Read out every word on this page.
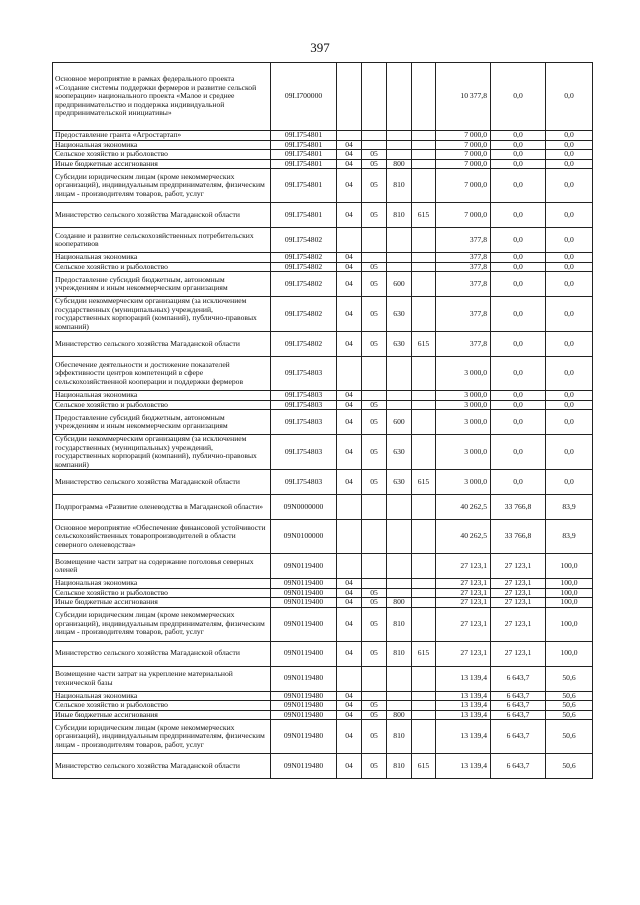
397
Основное мероприятие в рамках федерального проекта «Создание системы поддержки фермеров и развитие сельской кооперации» национального проекта «Малое и среднее предпринимательство и поддержка индивидуальной предпринимательской инициативы»	09I.I700000					10 377,8	0,0	0,0
Предоставление гранта «Агростартап»	09I.I754801					7 000,0	0,0	0,0
Национальная экономика	09I.I754801	04				7 000,0	0,0	0,0
Сельское хозяйство и рыболовство	09I.I754801	04	05			7 000,0	0,0	0,0
Иные бюджетные ассигнования	09I.I754801	04	05	800		7 000,0	0,0	0,0
Субсидии юридическим лицам (кроме некоммерческих организаций), индивидуальным предпринимателям, физическим лицам - производителям товаров, работ, услуг	09I.I754801	04	05	810		7 000,0	0,0	0,0
Министерство сельского хозяйства Магаданской области	09I.I754801	04	05	810	615	7 000,0	0,0	0,0
Создание и развитие сельскохозяйственных потребительских кооперативов	09I.I754802					377,8	0,0	0,0
Национальная экономика	09I.I754802	04				377,8	0,0	0,0
Сельское хозяйство и рыболовство	09I.I754802	04	05			377,8	0,0	0,0
Предоставление субсидий бюджетным, автономным учреждениям и иным некоммерческим организациям	09I.I754802	04	05	600		377,8	0,0	0,0
Субсидии некоммерческим организациям (за исключением государственных (муниципальных) учреждений, государственных корпораций (компаний), публично-правовых компаний)	09I.I754802	04	05	630		377,8	0,0	0,0
Министерство сельского хозяйства Магаданской области	09I.I754802	04	05	630	615	377,8	0,0	0,0
Обеспечение деятельности и достижение показателей эффективности центров компетенций в сфере сельскохозяйственной кооперации и поддержки фермеров	09I.I754803					3 000,0	0,0	0,0
Национальная экономика	09I.I754803	04				3 000,0	0,0	0,0
Сельское хозяйство и рыболовство	09I.I754803	04	05			3 000,0	0,0	0,0
Предоставление субсидий бюджетным, автономным учреждениям и иным некоммерческим организациям	09I.I754803	04	05	600		3 000,0	0,0	0,0
Субсидии некоммерческим организациям (за исключением государственных (муниципальных) учреждений, государственных корпораций (компаний), публично-правовых компаний)	09I.I754803	04	05	630		3 000,0	0,0	0,0
Министерство сельского хозяйства Магаданской области	09I.I754803	04	05	630	615	3 000,0	0,0	0,0
Подпрограмма «Развитие оленеводства в Магаданской области»	09N0000000					40 262,5	33 766,8	83,9
Основное мероприятие «Обеспечение финансовой устойчивости сельскохозяйственных товаропроизводителей в области северного оленеводства»	09N0100000					40 262,5	33 766,8	83,9
Возмещение части затрат на содержание поголовья северных оленей	09N0119400					27 123,1	27 123,1	100,0
Национальная экономика	09N0119400	04				27 123,1	27 123,1	100,0
Сельское хозяйство и рыболовство	09N0119400	04	05			27 123,1	27 123,1	100,0
Иные бюджетные ассигнования	09N0119400	04	05	800		27 123,1	27 123,1	100,0
Субсидии юридическим лицам (кроме некоммерческих организаций), индивидуальным предпринимателям, физическим лицам - производителям товаров, работ, услуг	09N0119400	04	05	810		27 123,1	27 123,1	100,0
Министерство сельского хозяйства Магаданской области	09N0119400	04	05	810	615	27 123,1	27 123,1	100,0
Возмещение части затрат на укрепление материальной технической базы	09N0119480					13 139,4	6 643,7	50,6
Национальная экономика	09N0119480	04				13 139,4	6 643,7	50,6
Сельское хозяйство и рыболовство	09N0119480	04	05			13 139,4	6 643,7	50,6
Иные бюджетные ассигнования	09N0119480	04	05	800		13 139,4	6 643,7	50,6
Субсидии юридическим лицам (кроме некоммерческих организаций), индивидуальным предпринимателям, физическим лицам - производителям товаров, работ, услуг	09N0119480	04	05	810		13 139,4	6 643,7	50,6
Министерство сельского хозяйства Магаданской области	09N0119480	04	05	810	615	13 139,4	6 643,7	50,6
